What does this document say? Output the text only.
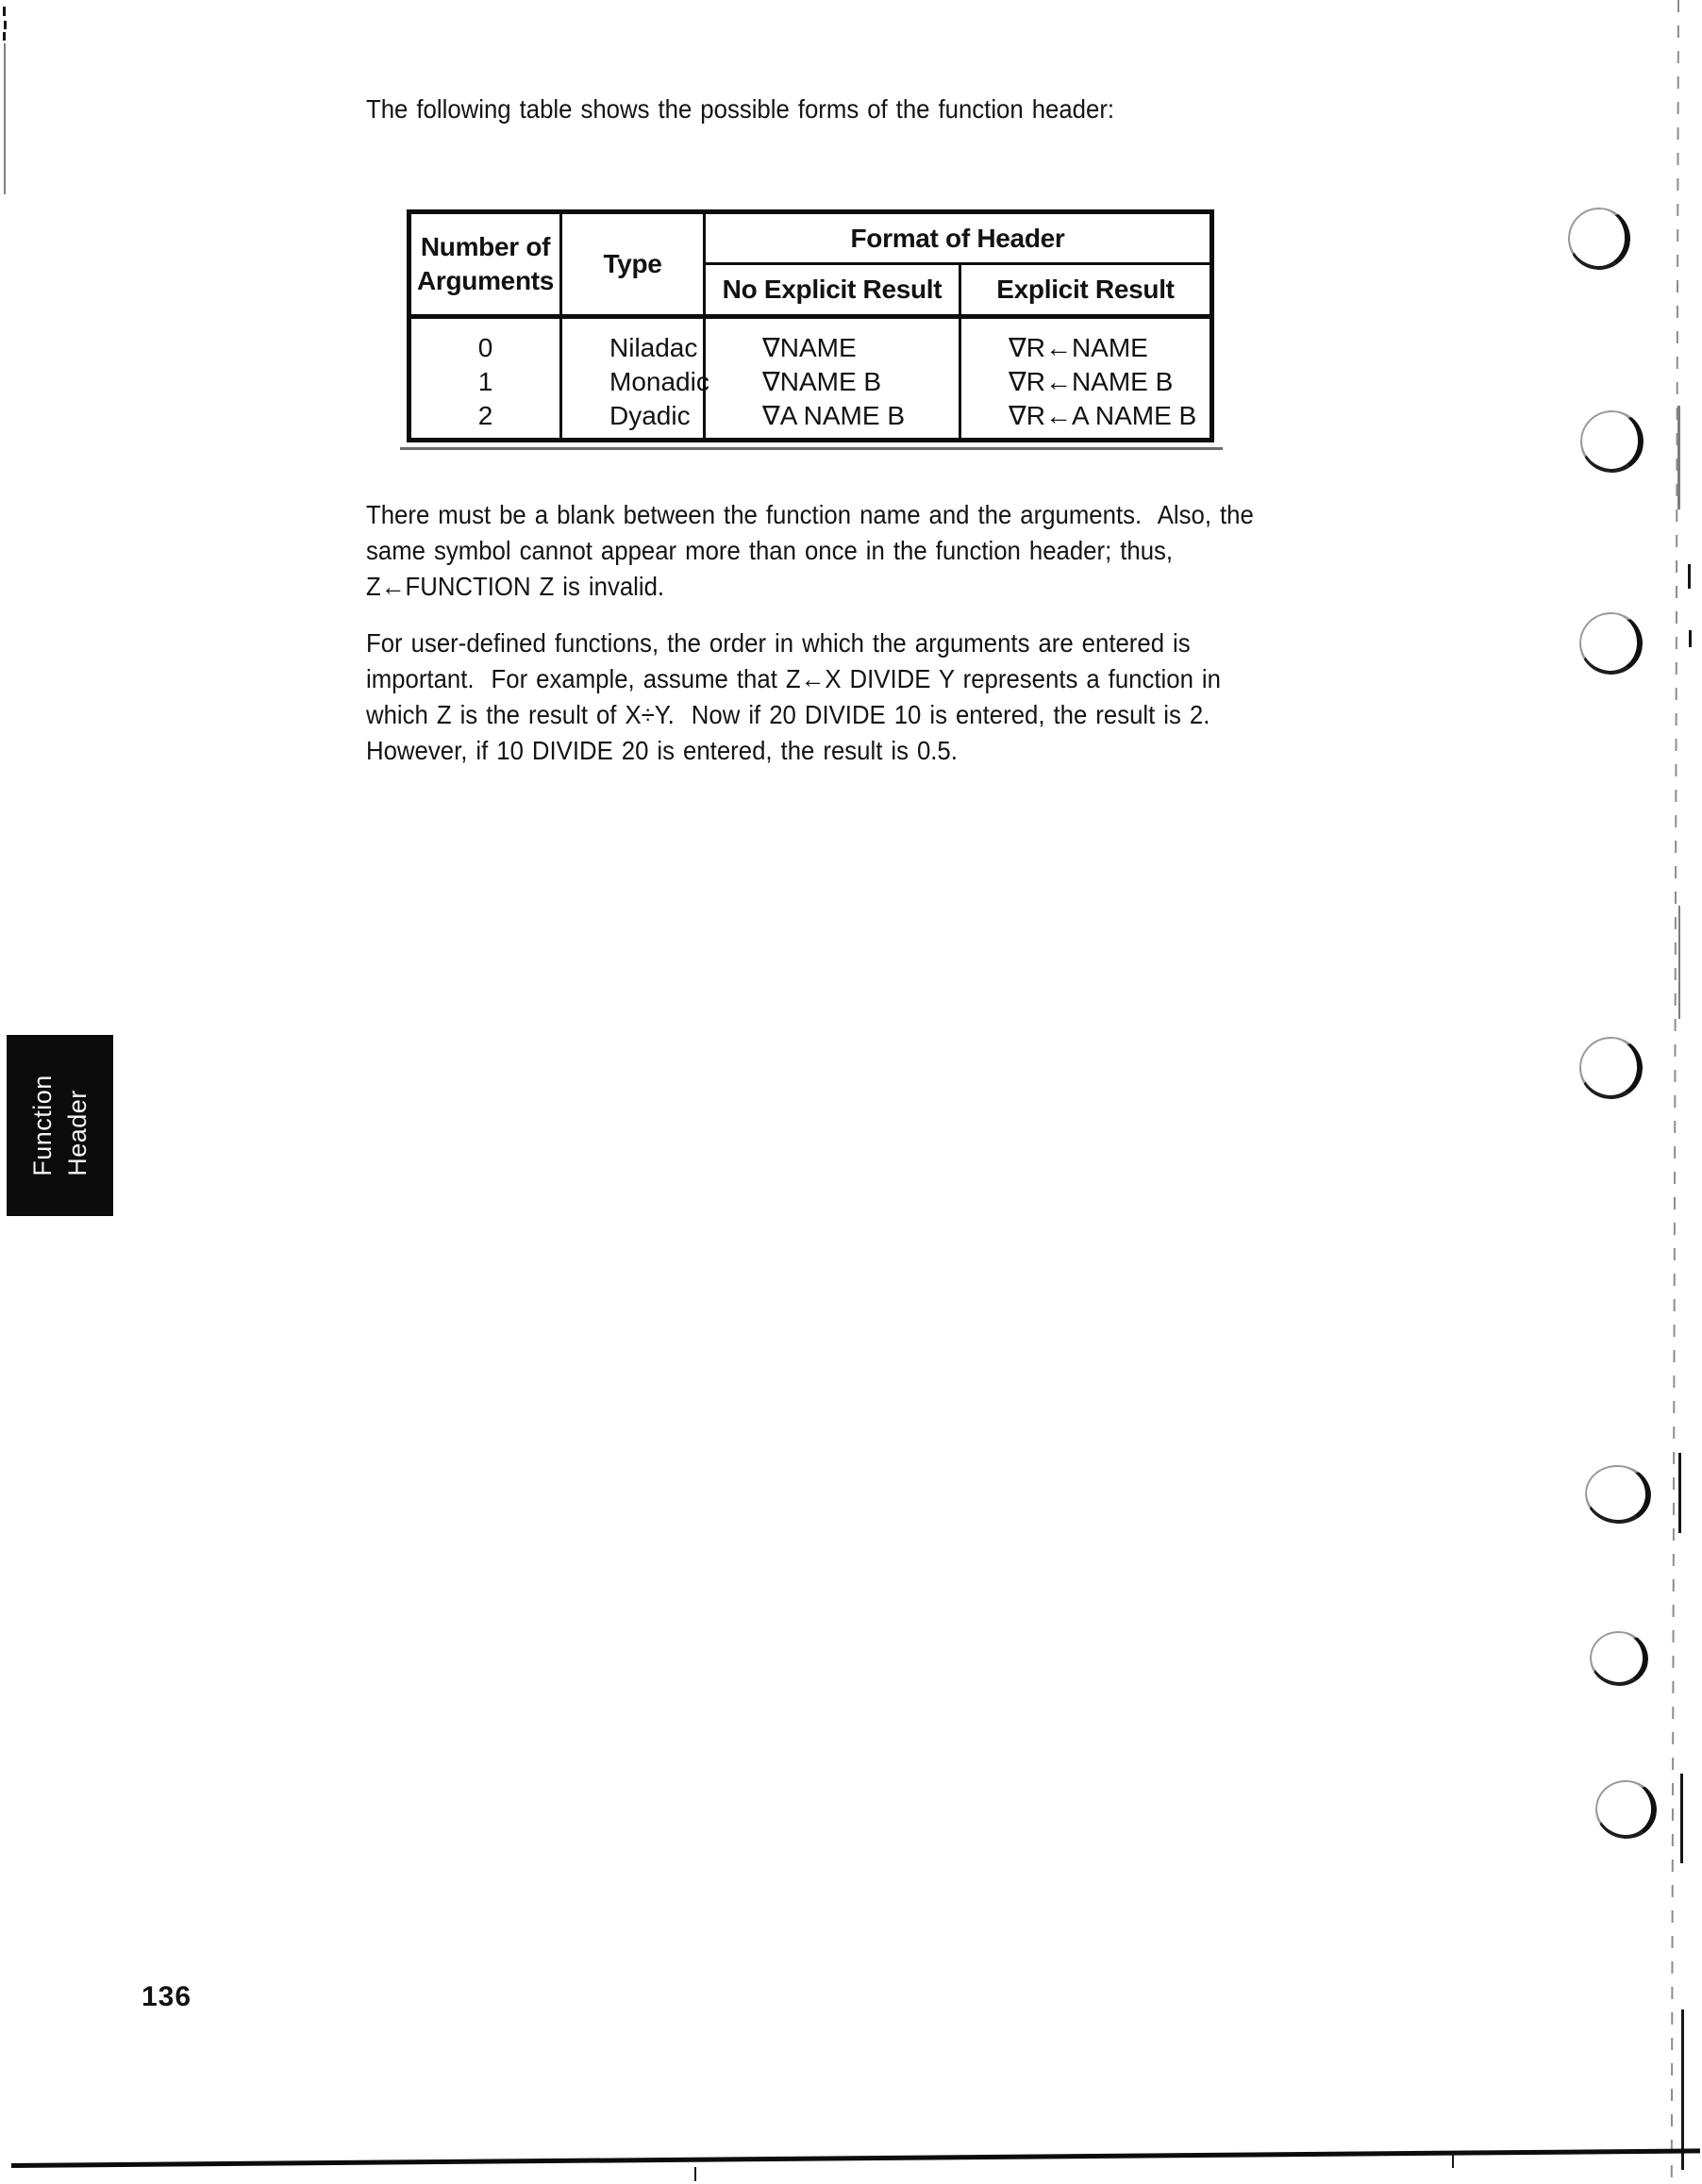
The following table shows the possible forms of the function header:
Number of Arguments
Type
Format of Header
No Explicit Result	Explicit Result
0
1
2
Niladac
Monadic
Dyadic
∇NAME
∇NAME B
∇A NAME B
∇R←NAME
∇R←NAME B
∇R←A NAME B
There must be a blank between the function name and the arguments.  Also, the
same symbol cannot appear more than once in the function header; thus,
Z←FUNCTION Z is invalid.
For user-defined functions, the order in which the arguments are entered is
important.  For example, assume that Z←X DIVIDE Y represents a function in
which Z is the result of X÷Y.  Now if 20 DIVIDE 10 is entered, the result is 2.
However, if 10 DIVIDE 20 is entered, the result is 0.5.
Function Header
136
